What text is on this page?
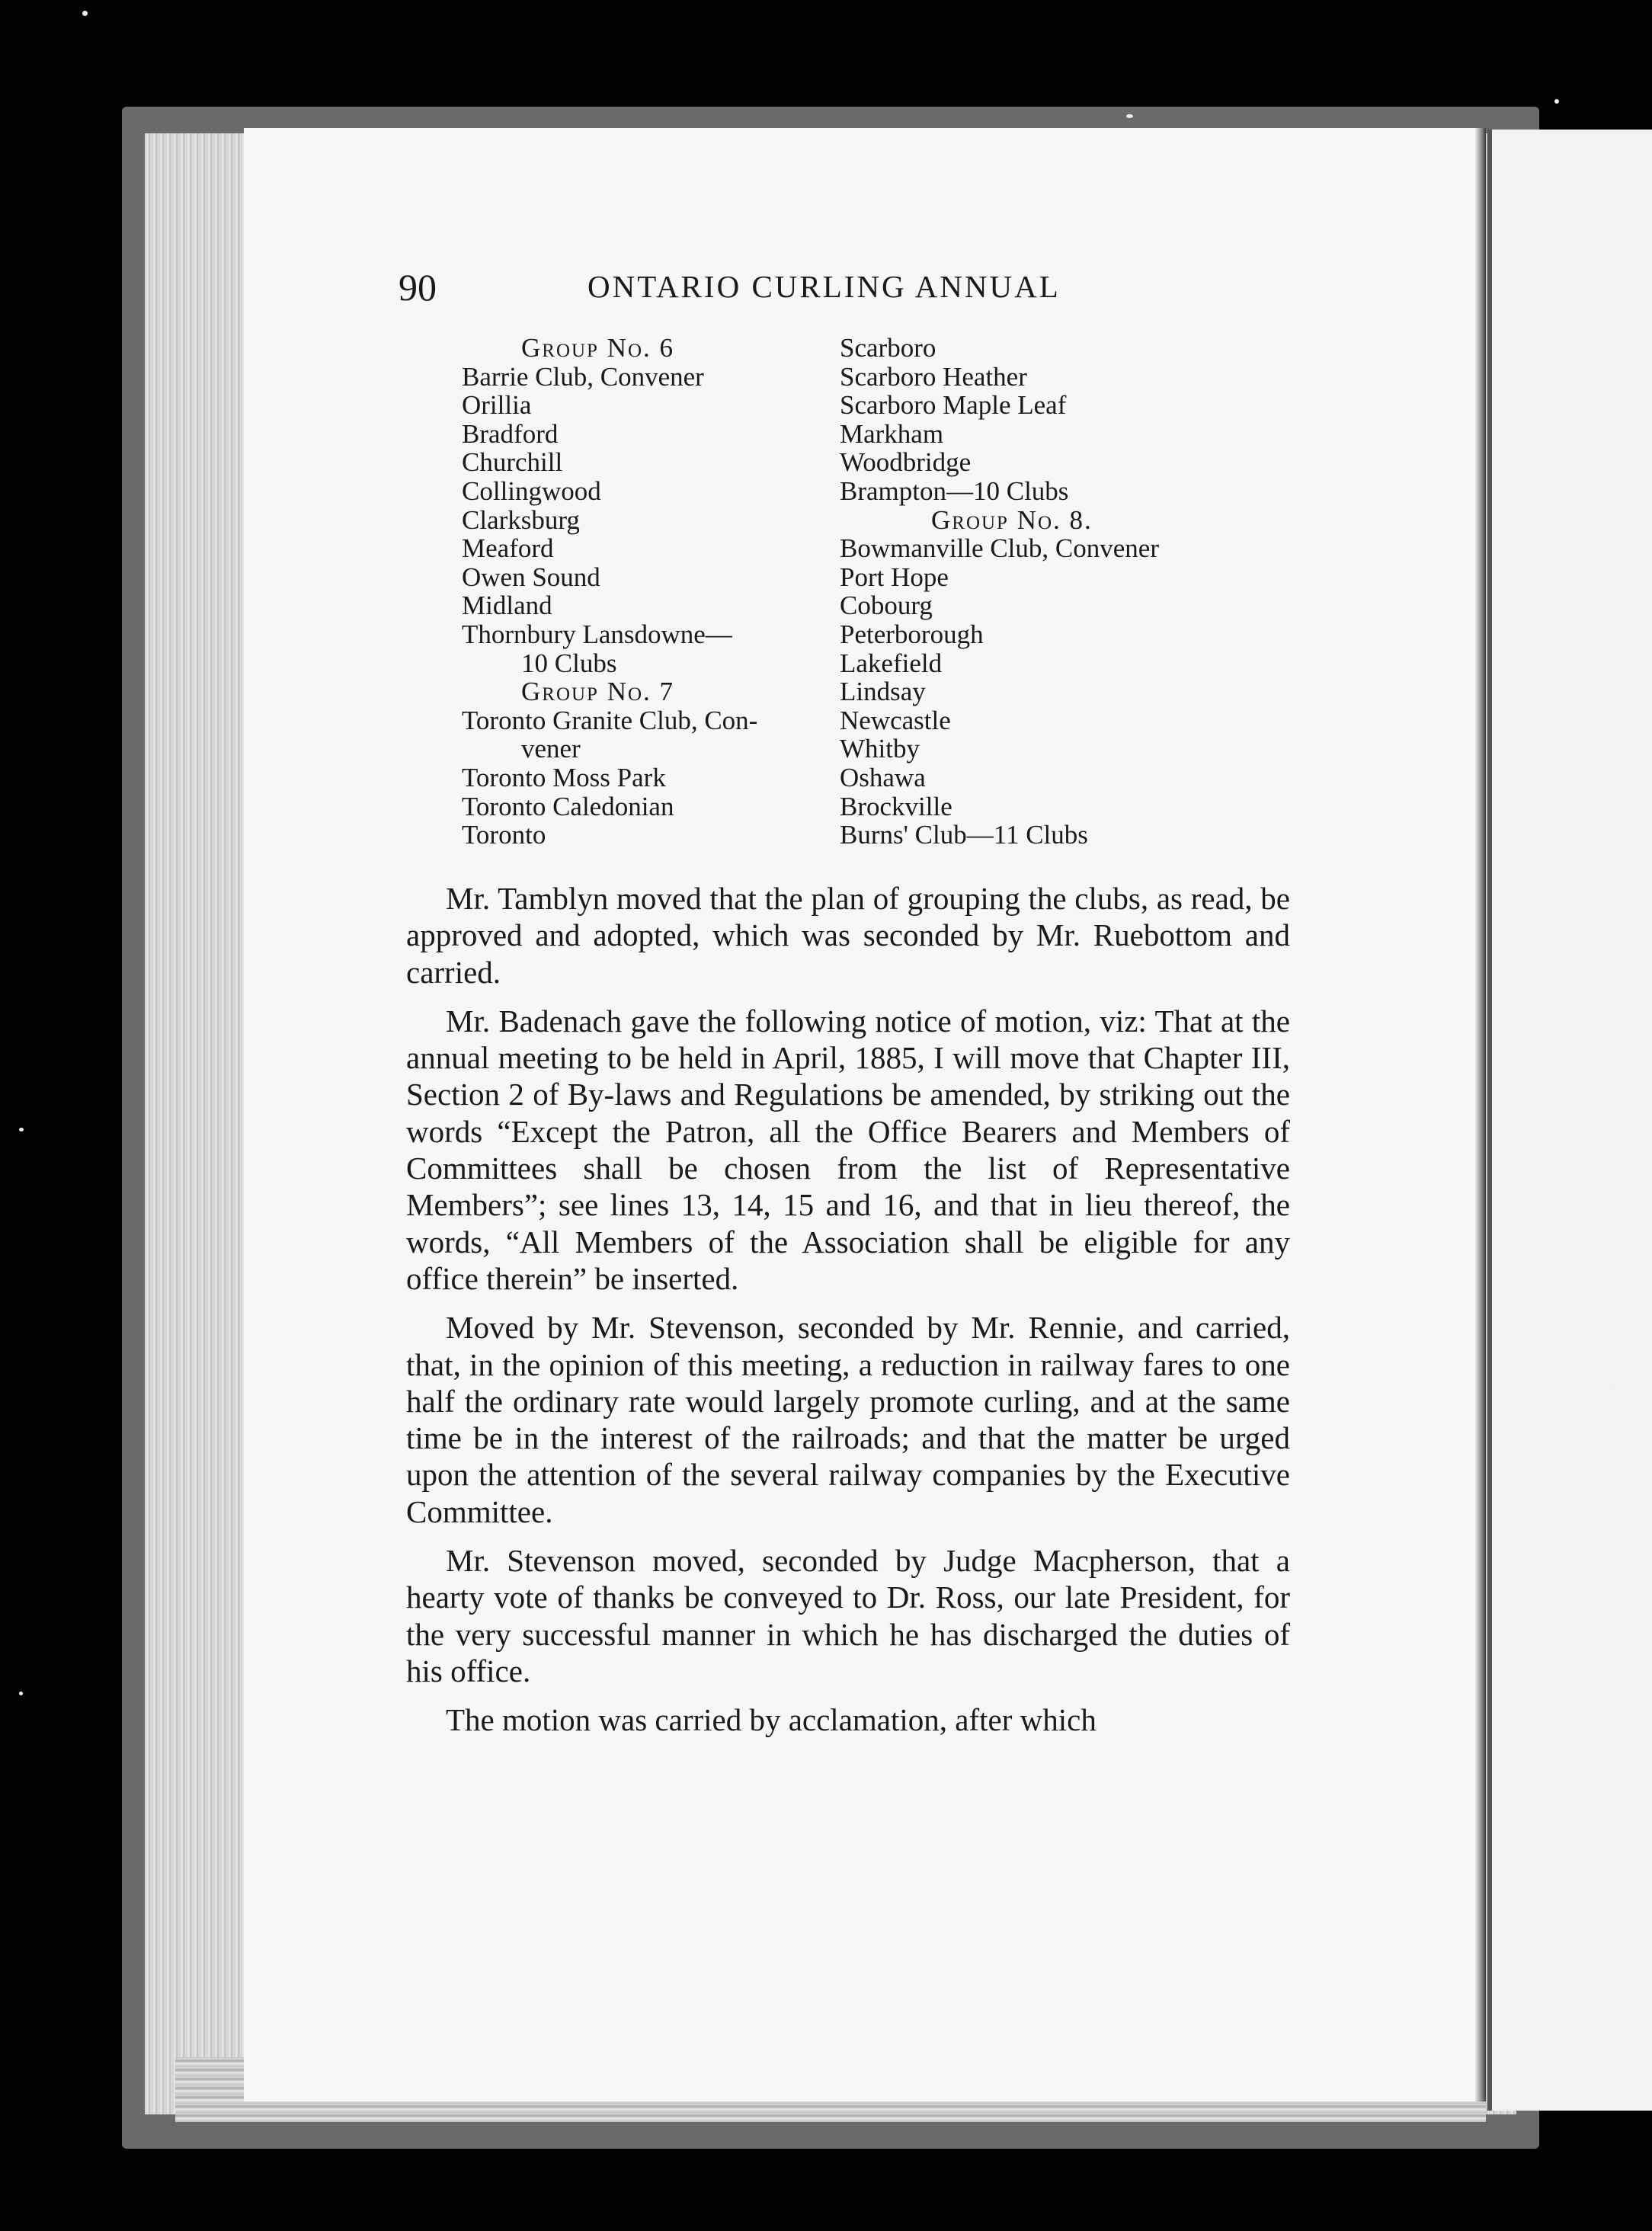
90	ONTARIO CURLING ANNUAL
Group No. 6
Barrie Club, Convener
Orillia
Bradford
Churchill
Collingwood
Clarksburg
Meaford
Owen Sound
Midland
Thornbury Lansdowne—
10 Clubs
Group No. 7
Toronto Granite Club, Con-
vener
Toronto Moss Park
Toronto Caledonian
Toronto
Scarboro
Scarboro Heather
Scarboro Maple Leaf
Markham
Woodbridge
Brampton—10 Clubs
Group No. 8.
Bowmanville Club, Convener
Port Hope
Cobourg
Peterborough
Lakefield
Lindsay
Newcastle
Whitby
Oshawa
Brockville
Burns' Club—11 Clubs

Mr. Tamblyn moved that the plan of grouping the clubs, as read, be approved and adopted, which was seconded by Mr. Ruebottom and carried.

Mr. Badenach gave the following notice of motion, viz: That at the annual meeting to be held in April, 1885, I will move that Chapter III, Section 2 of By-laws and Regulations be amended, by striking out the words “Except the Patron, all the Office Bearers and Members of Committees shall be chosen from the list of Representative Members”; see lines 13, 14, 15 and 16, and that in lieu thereof, the words, “All Members of the Association shall be eligible for any office therein” be inserted.

Moved by Mr. Stevenson, seconded by Mr. Rennie, and carried, that, in the opinion of this meeting, a reduction in railway fares to one half the ordinary rate would largely promote curling, and at the same time be in the interest of the railroads; and that the matter be urged upon the attention of the several railway companies by the Executive Committee.

Mr. Stevenson moved, seconded by Judge Macpherson, that a hearty vote of thanks be conveyed to Dr. Ross, our late President, for the very successful manner in which he has discharged the duties of his office.

The motion was carried by acclamation, after which
